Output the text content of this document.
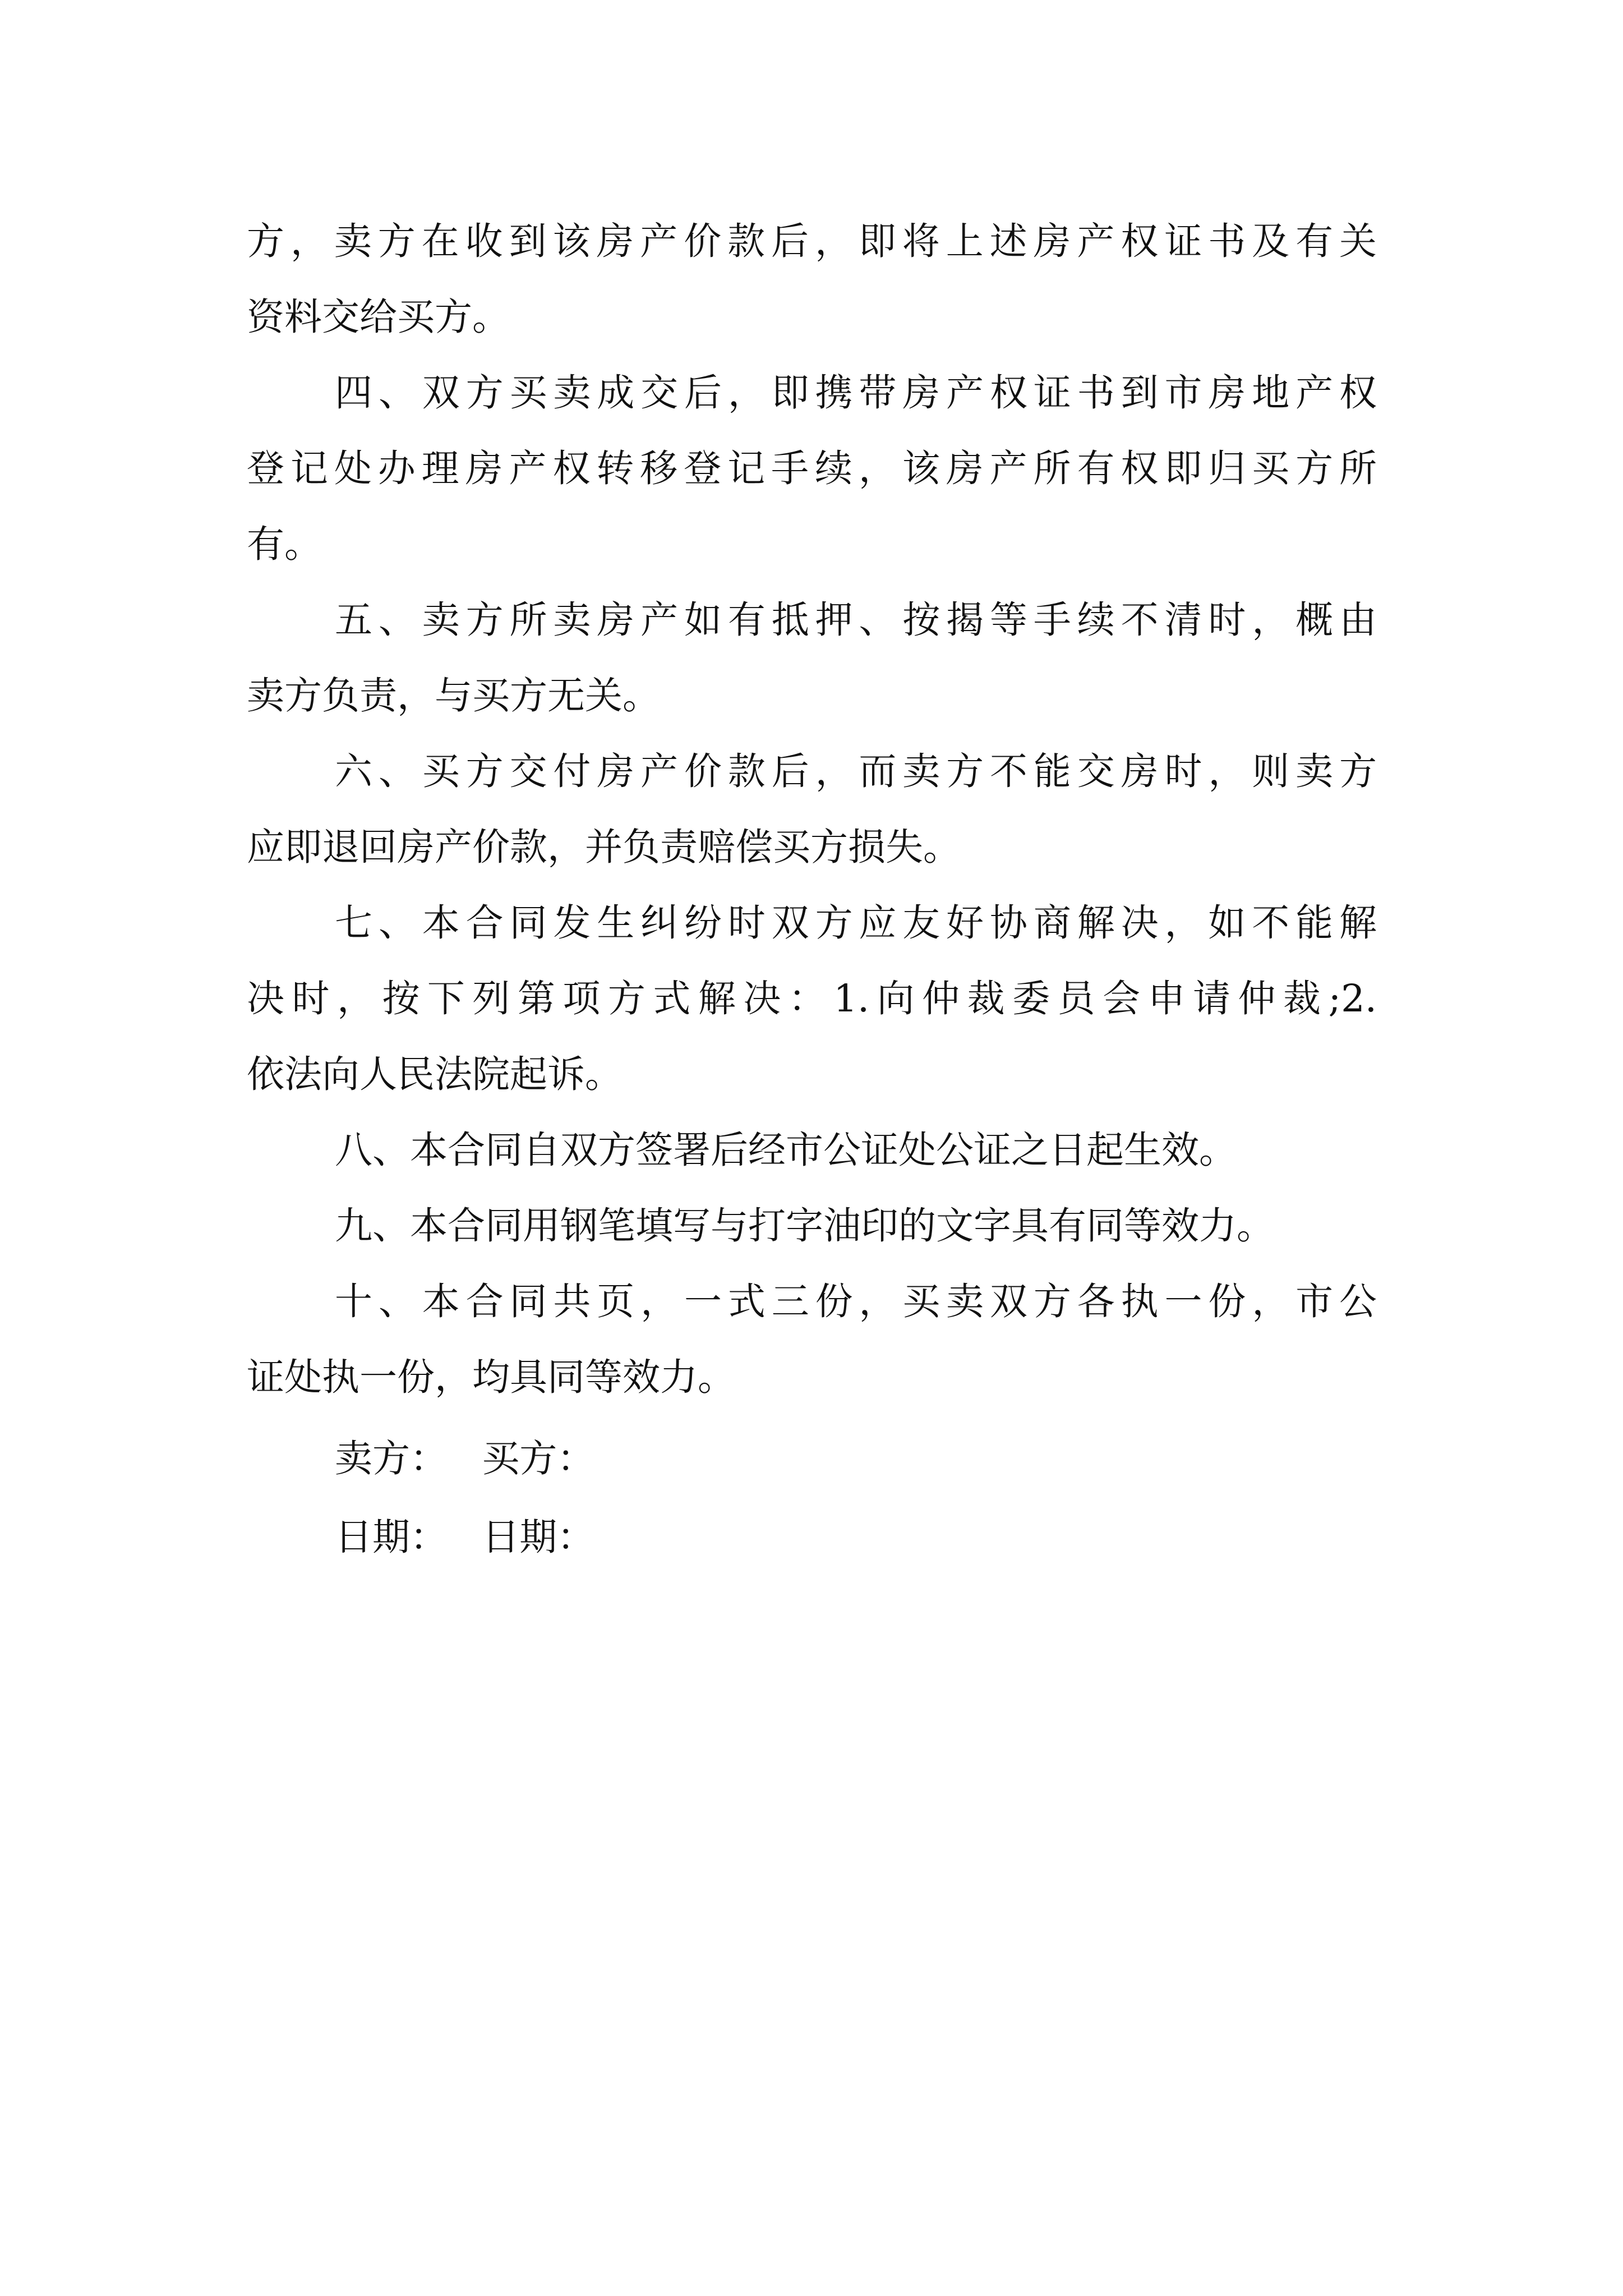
方，卖方在收到该房产价款后，即将上述房产权证书及有关

资料交给买方。

四、双方买卖成交后，即携带房产权证书到市房地产权

登记处办理房产权转移登记手续，该房产所有权即归买方所

有。

五、卖方所卖房产如有抵押、按揭等手续不清时，概由

卖方负责，与买方无关。

六、买方交付房产价款后，而卖方不能交房时，则卖方

应即退回房产价款，并负责赔偿买方损失。

七、本合同发生纠纷时双方应友好协商解决，如不能解

决时，按下列第项方式解决：1.向仲裁委员会申请仲裁;2.

依法向人民法院起诉。

八、本合同自双方签署后经市公证处公证之日起生效。

九、本合同用钢笔填写与打字油印的文字具有同等效力。

十、本合同共页，一式三份，买卖双方各执一份，市公

证处执一份，均具同等效力。

卖方： 买方：
日期： 日期：
